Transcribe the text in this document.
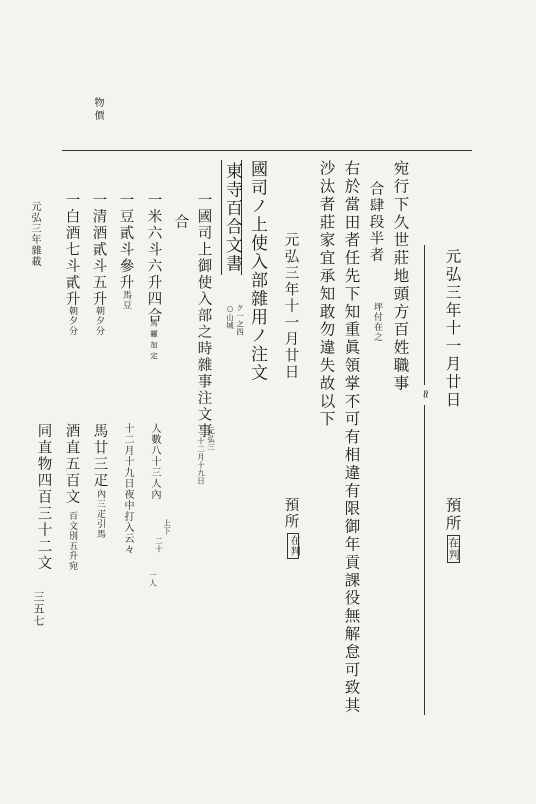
物
價
元弘三年十一月廿日
預所
在判
≈
宛行下久世莊地頭方百姓職事
合肆段半者
坪付在之
右於當田者任先下知重眞領掌不可有相違有限御年貢課役無解怠可致其
沙汰者莊家宜承知敢勿違失故以下
元弘三年十一月廿日
預所
在判
國司ノ上使入部雜用ノ注文
東寺百合文書
ク一之四
○山城
一國司上御使入部之時雜事注文事
元弘三
十二月十九日
合
一米六斗六升四合
馬 糶 加 定
一豆貳斗參升
馬豆
一清酒貳斗五升
朝夕分
一白酒七斗貳升
朝夕分
人數八十三人內
上下
二十
一人
十二月十九日夜中打入云々
馬廿三疋
內三疋引馬
酒直五百文
百文別五升宛
同直物四百三十二文
元弘三年雜載
三五七
